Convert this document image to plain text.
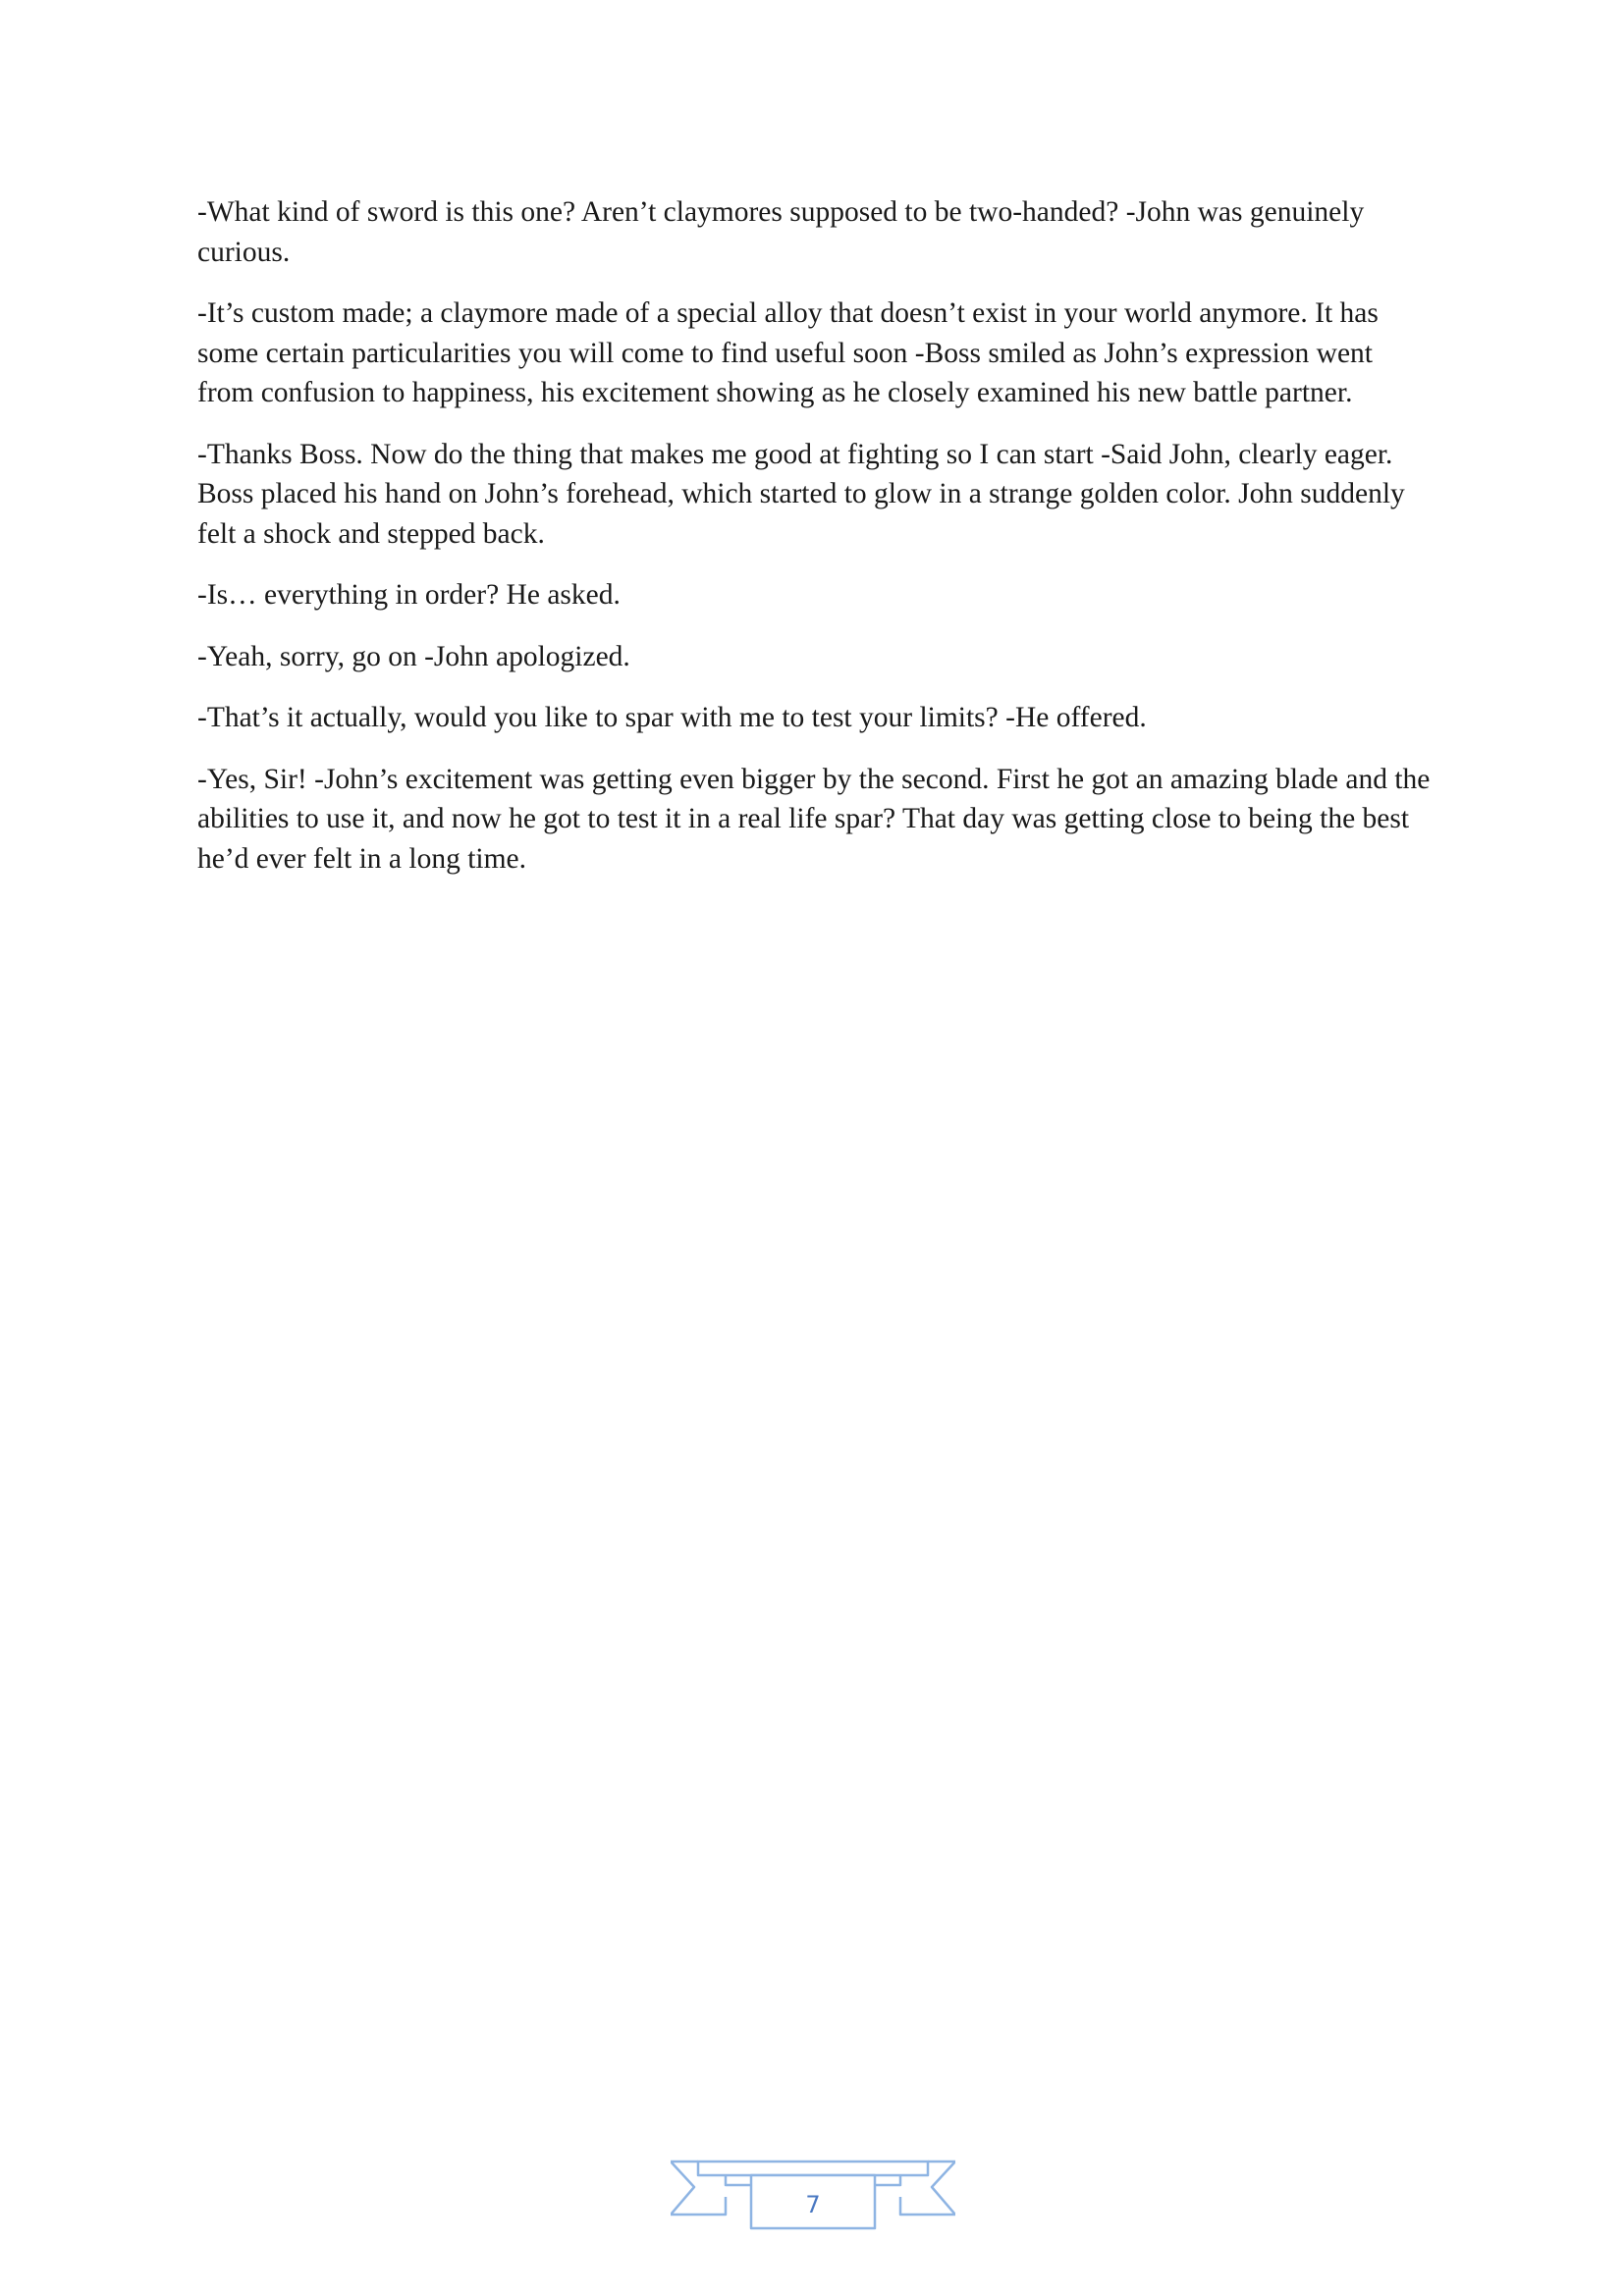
-What kind of sword is this one? Aren’t claymores supposed to be two-handed? -John was genuinely curious.

-It’s custom made; a claymore made of a special alloy that doesn’t exist in your world anymore. It has some certain particularities you will come to find useful soon -Boss smiled as John’s expression went from confusion to happiness, his excitement showing as he closely examined his new battle partner.

-Thanks Boss. Now do the thing that makes me good at fighting so I can start -Said John, clearly eager. Boss placed his hand on John’s forehead, which started to glow in a strange golden color. John suddenly felt a shock and stepped back.

-Is… everything in order? He asked.

-Yeah, sorry, go on -John apologized.

-That’s it actually, would you like to spar with me to test your limits? -He offered.

-Yes, Sir! -John’s excitement was getting even bigger by the second. First he got an amazing blade and the abilities to use it, and now he got to test it in a real life spar? That day was getting close to being the best he’d ever felt in a long time.

7
